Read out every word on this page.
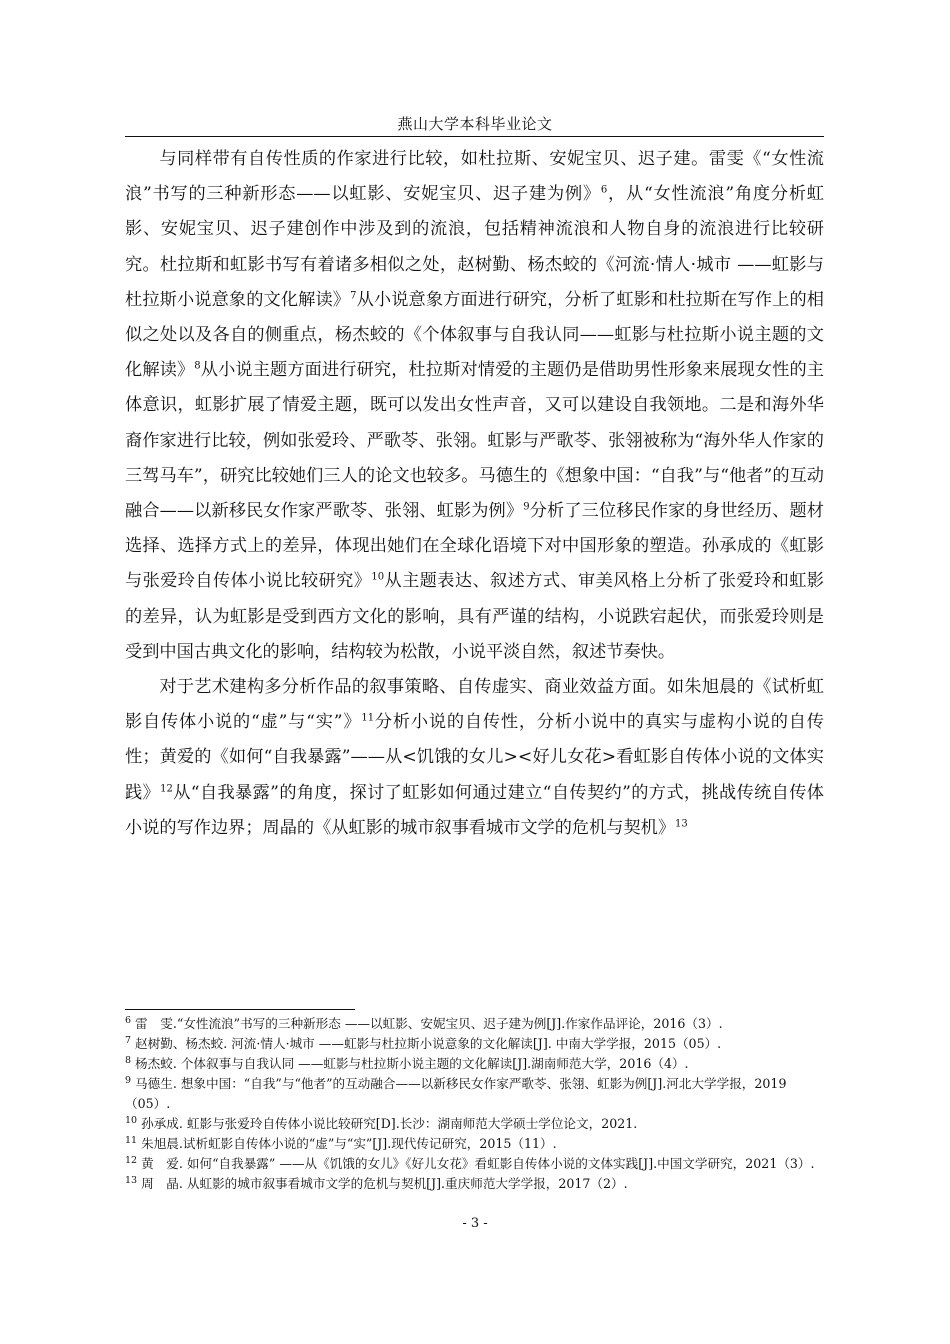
燕山大学本科毕业论文

与同样带有自传性质的作家进行比较，如杜拉斯、安妮宝贝、迟子建。雷雯《“女性流浪”书写的三种新形态——以虹影、安妮宝贝、迟子建为例》$^6$，从“女性流浪”角度分析虹影、安妮宝贝、迟子建创作中涉及到的流浪，包括精神流浪和人物自身的流浪进行比较研究。杜拉斯和虹影书写有着诸多相似之处，赵树勤、杨杰蛟的《河流·情人·城市 ——虹影与杜拉斯小说意象的文化解读》$^7$从小说意象方面进行研究，分析了虹影和杜拉斯在写作上的相似之处以及各自的侧重点，杨杰蛟的《个体叙事与自我认同——虹影与杜拉斯小说主题的文化解读》$^8$从小说主题方面进行研究，杜拉斯对情爱的主题仍是借助男性形象来展现女性的主体意识，虹影扩展了情爱主题，既可以发出女性声音，又可以建设自我领地。二是和海外华裔作家进行比较，例如张爱玲、严歌苓、张翎。虹影与严歌苓、张翎被称为“海外华人作家的三驾马车”，研究比较她们三人的论文也较多。马德生的《想象中国：“自我”与“他者”的互动融合——以新移民女作家严歌苓、张翎、虹影为例》$^9$分析了三位移民作家的身世经历、题材选择、选择方式上的差异，体现出她们在全球化语境下对中国形象的塑造。孙承成的《虹影与张爱玲自传体小说比较研究》$^{10}$从主题表达、叙述方式、审美风格上分析了张爱玲和虹影的差异，认为虹影是受到西方文化的影响，具有严谨的结构，小说跌宕起伏，而张爱玲则是受到中国古典文化的影响，结构较为松散，小说平淡自然，叙述节奏快。

对于艺术建构多分析作品的叙事策略、自传虚实、商业效益方面。如朱旭晨的《试析虹影自传体小说的“虚”与“实”》$^{11}$分析小说的自传性，分析小说中的真实与虚构小说的自传性；黄爱的《如何“自我暴露”——从<饥饿的女儿><好儿女花>看虹影自传体小说的文体实践》$^{12}$从“自我暴露”的角度，探讨了虹影如何通过建立“自传契约”的方式，挑战传统自传体小说的写作边界；周晶的《从虹影的城市叙事看城市文学的危机与契机》$^{13}$

$^6$ 雷　雯.“女性流浪”书写的三种新形态 ——以虹影、安妮宝贝、迟子建为例[J].作家作品评论，2016（3）.

$^7$ 赵树勤、杨杰蛟. 河流·情人·城市 ——虹影与杜拉斯小说意象的文化解读[J]. 中南大学学报，2015（05）.

$^8$ 杨杰蛟. 个体叙事与自我认同 ——虹影与杜拉斯小说主题的文化解读[J].湖南师范大学，2016（4）.

$^9$ 马德生. 想象中国：“自我”与“他者”的互动融合——以新移民女作家严歌苓、张翎、虹影为例[J].河北大学学报，2019（05）.

$^{10}$ 孙承成. 虹影与张爱玲自传体小说比较研究[D].长沙：湖南师范大学硕士学位论文，2021.

$^{11}$ 朱旭晨.试析虹影自传体小说的“虚”与“实”[J].现代传记研究，2015（11）.

$^{12}$ 黄　爱. 如何“自我暴露” ——从《饥饿的女儿》《好儿女花》看虹影自传体小说的文体实践[J].中国文学研究，2021（3）.

$^{13}$ 周　晶. 从虹影的城市叙事看城市文学的危机与契机[J].重庆师范大学学报，2017（2）.

- 3 -
